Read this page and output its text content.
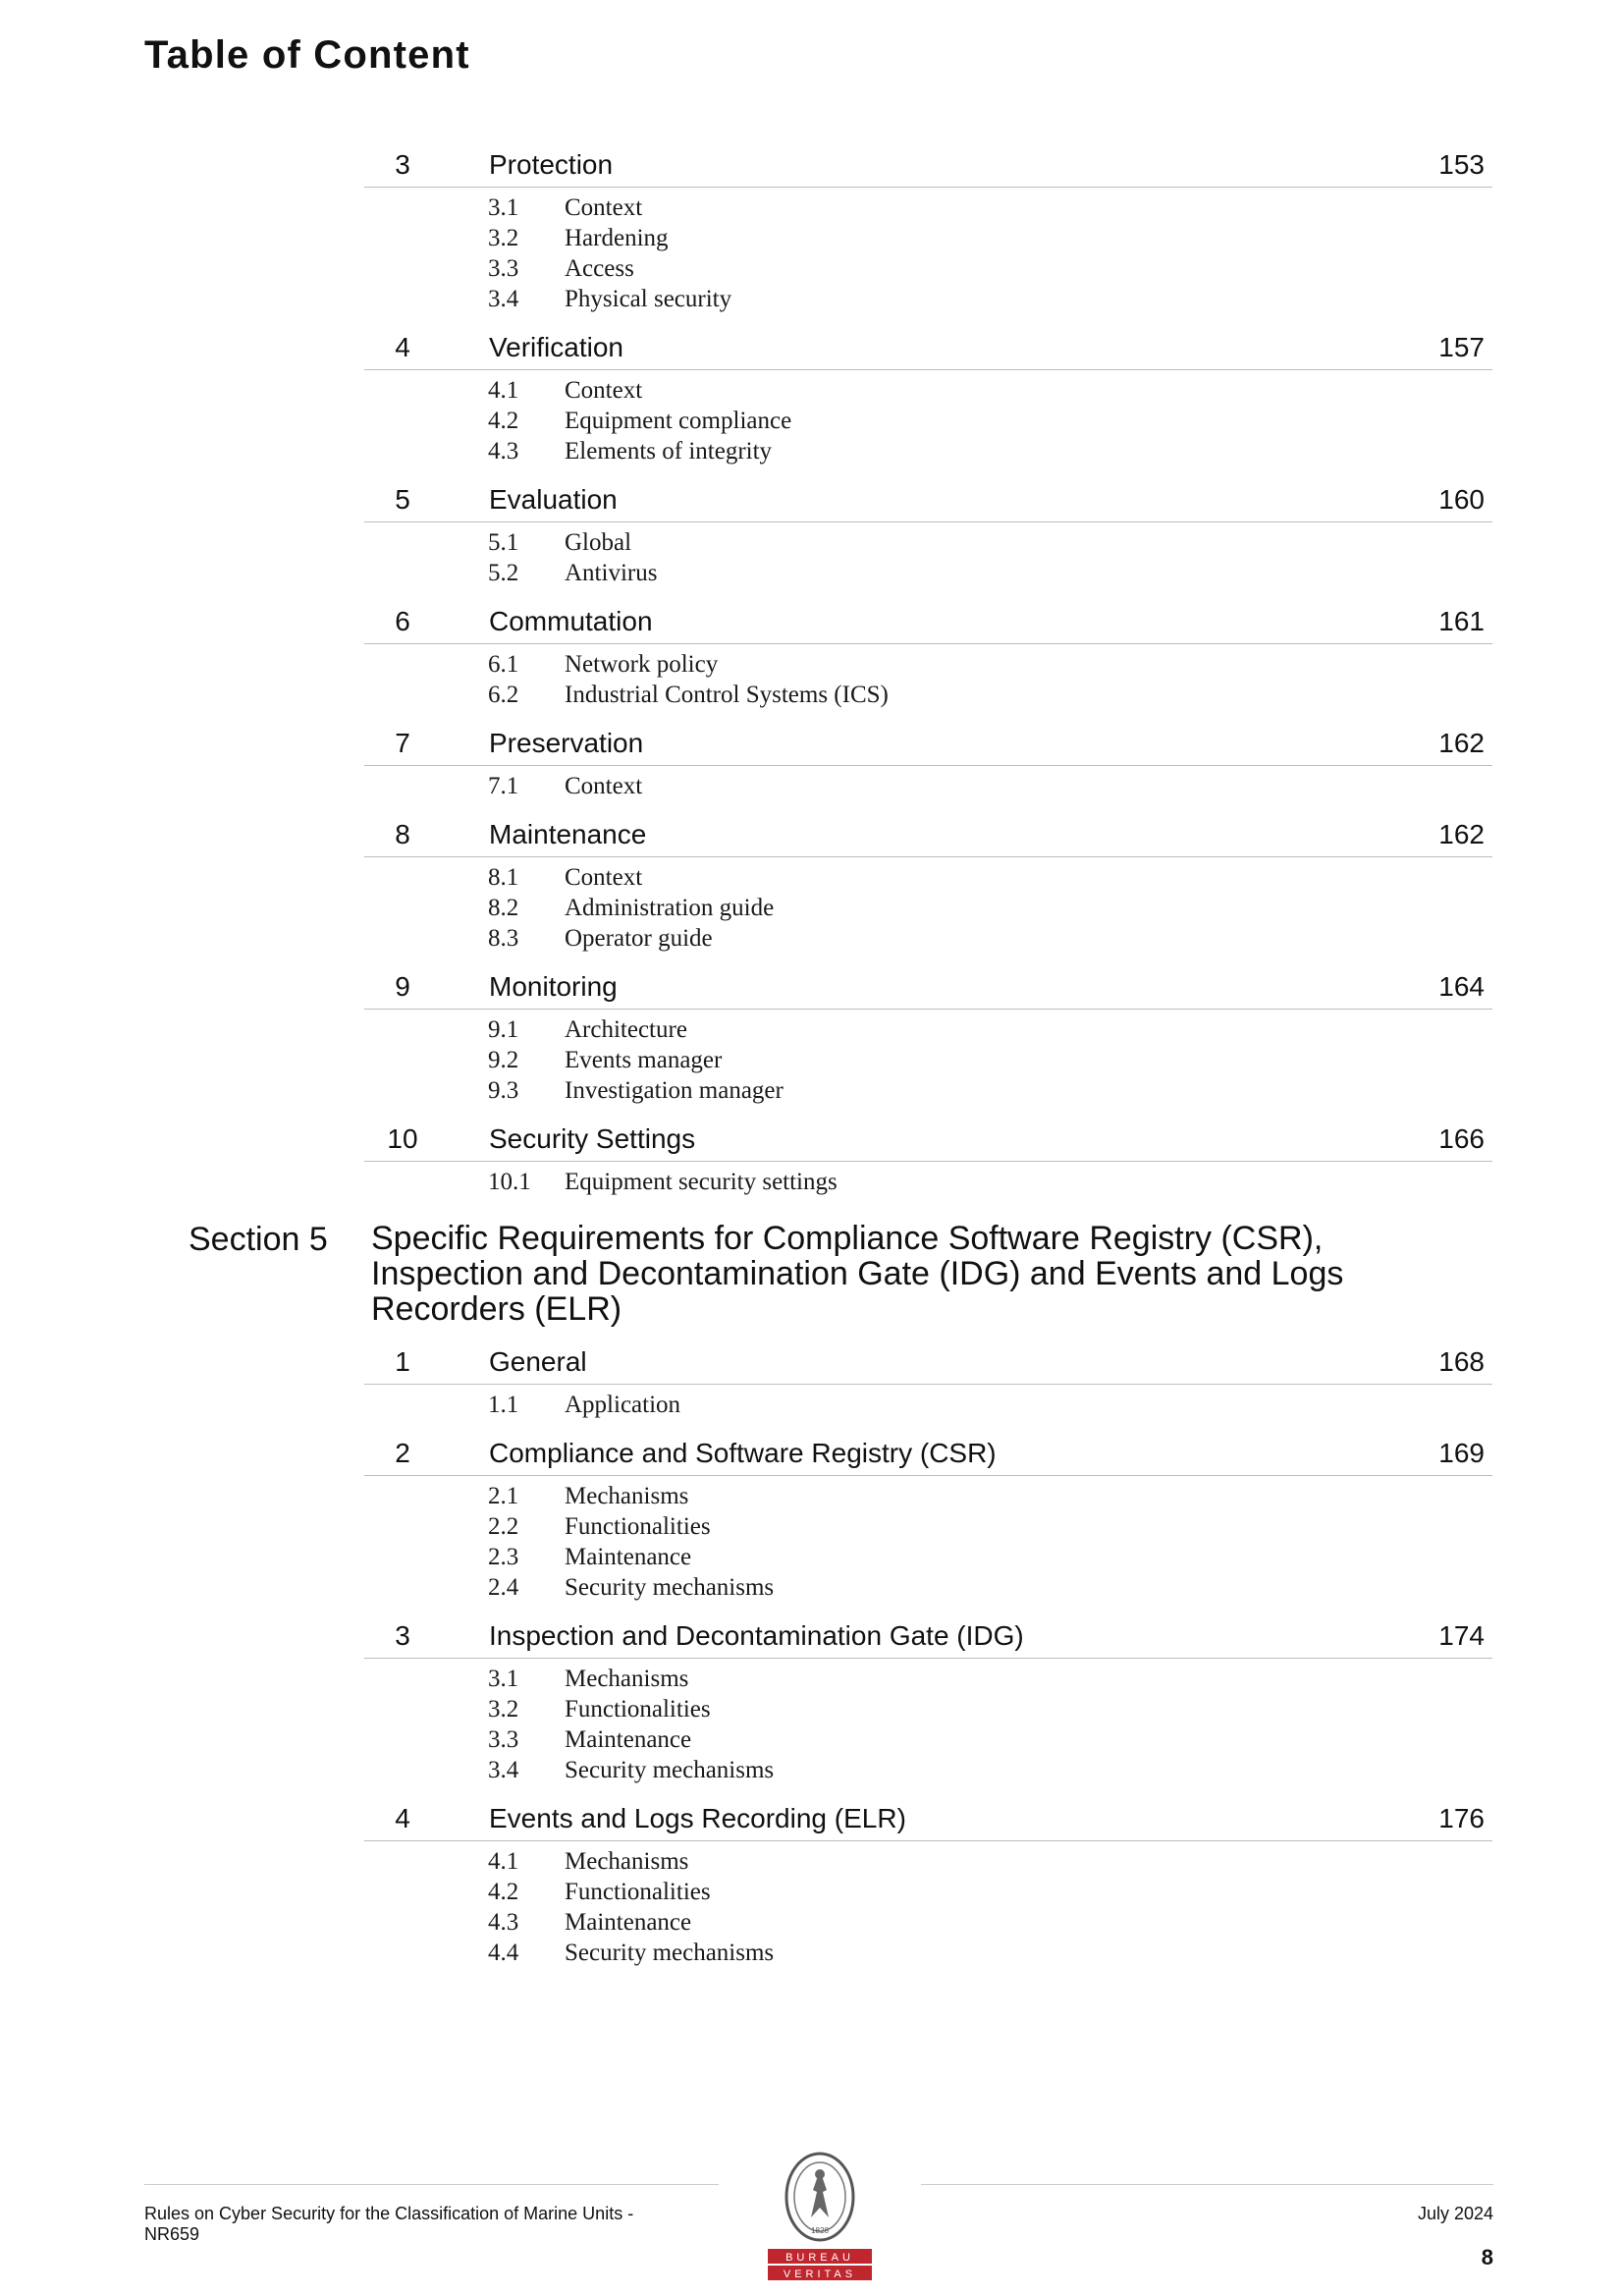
Table of Content
3	Protection	153
3.1 Context
3.2 Hardening
3.3 Access
3.4 Physical security
4	Verification	157
4.1 Context
4.2 Equipment compliance
4.3 Elements of integrity
5	Evaluation	160
5.1 Global
5.2 Antivirus
6	Commutation	161
6.1 Network policy
6.2 Industrial Control Systems (ICS)
7	Preservation	162
7.1 Context
8	Maintenance	162
8.1 Context
8.2 Administration guide
8.3 Operator guide
9	Monitoring	164
9.1 Architecture
9.2 Events manager
9.3 Investigation manager
10	Security Settings	166
10.1 Equipment security settings
Section 5 Specific Requirements for Compliance Software Registry (CSR),
Inspection and Decontamination Gate (IDG) and Events and Logs
Recorders (ELR)
1	General	168
1.1 Application
2	Compliance and Software Registry (CSR)	169
2.1 Mechanisms
2.2 Functionalities
2.3 Maintenance
2.4 Security mechanisms
3	Inspection and Decontamination Gate (IDG)	174
3.1 Mechanisms
3.2 Functionalities
3.3 Maintenance
3.4 Security mechanisms
4	Events and Logs Recording (ELR)	176
4.1 Mechanisms
4.2 Functionalities
4.3 Maintenance
4.4 Security mechanisms
Rules on Cyber Security for the Classification of Marine Units -
NR659
July 2024
8
1828
BUREAU
VERITAS
